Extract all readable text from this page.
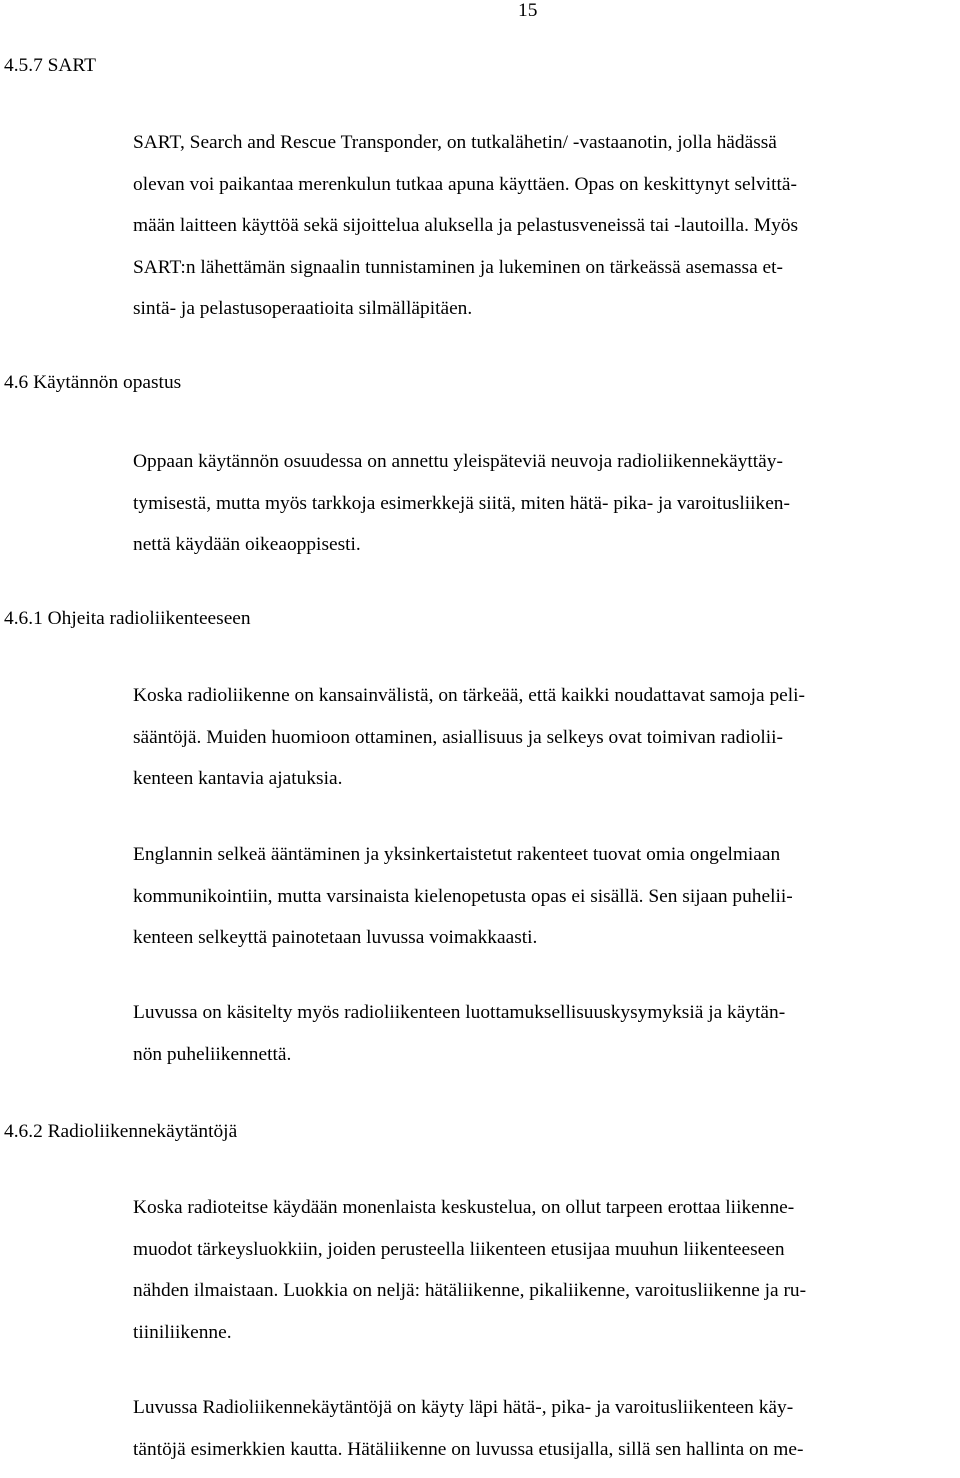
15
4.5.7 SART
SART, Search and Rescue Transponder, on tutkalähetin/ -vastaanotin, jolla hädässä
olevan voi paikantaa merenkulun tutkaa apuna käyttäen. Opas on keskittynyt selvittä-
mään laitteen käyttöä sekä sijoittelua aluksella ja pelastusveneissä tai -lautoilla. Myös
SART:n lähettämän signaalin tunnistaminen ja lukeminen on tärkeässä asemassa et-
sintä- ja pelastusoperaatioita silmälläpitäen.
4.6 Käytännön opastus
Oppaan käytännön osuudessa on annettu yleispäteviä neuvoja radioliikennekäyttäy-
tymisestä, mutta myös tarkkoja esimerkkejä siitä, miten hätä- pika- ja varoitusliiken-
nettä käydään oikeaoppisesti.
4.6.1 Ohjeita radioliikenteeseen
Koska radioliikenne on kansainvälistä, on tärkeää, että kaikki noudattavat samoja peli-
sääntöjä. Muiden huomioon ottaminen, asiallisuus ja selkeys ovat toimivan radiolii-
kenteen kantavia ajatuksia.
Englannin selkeä ääntäminen ja yksinkertaistetut rakenteet tuovat omia ongelmiaan
kommunikointiin, mutta varsinaista kielenopetusta opas ei sisällä. Sen sijaan puhelii-
kenteen selkeyttä painotetaan luvussa voimakkaasti.
Luvussa on käsitelty myös radioliikenteen luottamuksellisuuskysymyksiä ja käytän-
nön puheliikennettä.
4.6.2 Radioliikennekäytäntöjä
Koska radioteitse käydään monenlaista keskustelua, on ollut tarpeen erottaa liikenne-
muodot tärkeysluokkiin, joiden perusteella liikenteen etusijaa muuhun liikenteeseen
nähden ilmaistaan. Luokkia on neljä: hätäliikenne, pikaliikenne, varoitusliikenne ja ru-
tiiniliikenne.
Luvussa Radioliikennekäytäntöjä on käyty läpi hätä-, pika- ja varoitusliikenteen käy-
täntöjä esimerkkien kautta. Hätäliikenne on luvussa etusijalla, sillä sen hallinta on me-
